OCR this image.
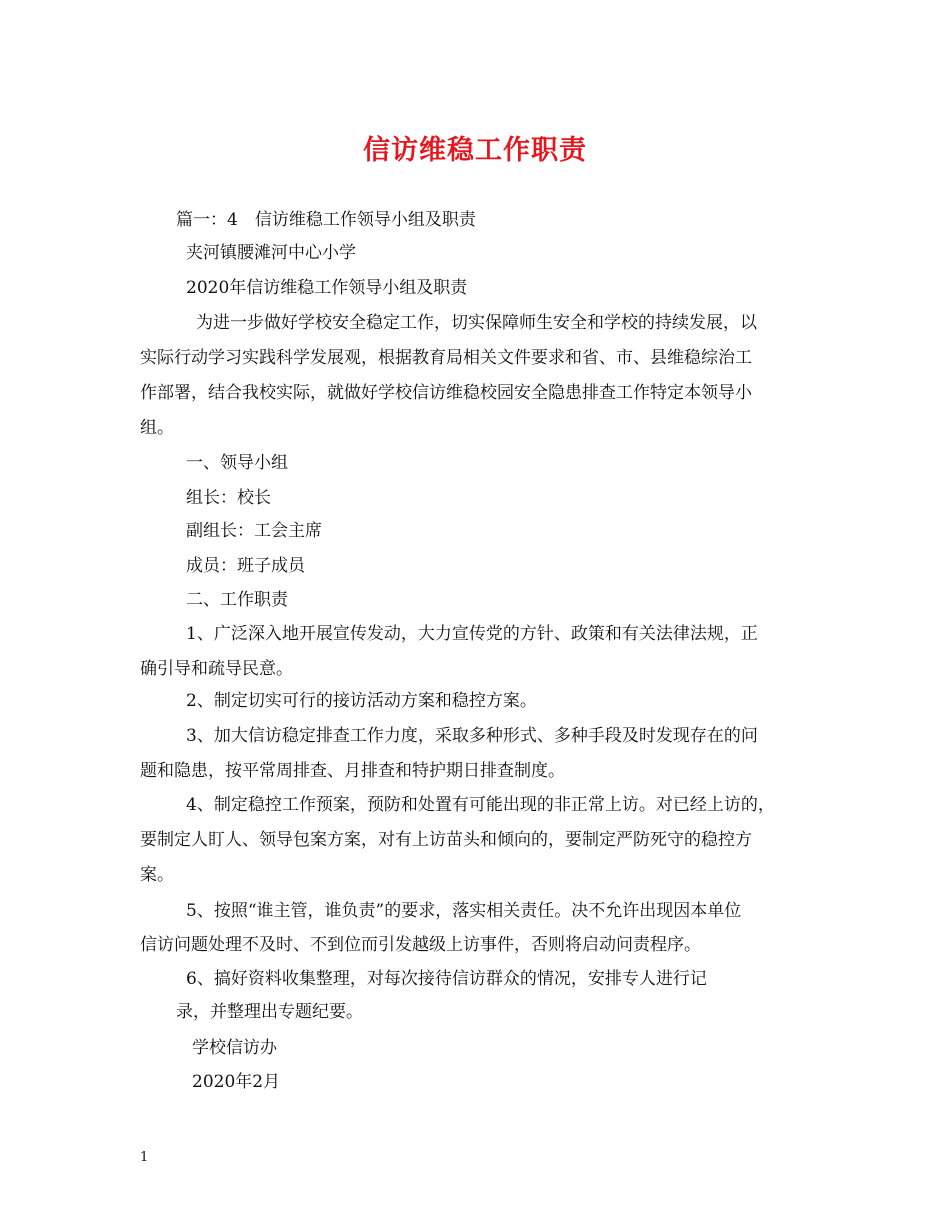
信访维稳工作职责
篇一：4　信访维稳工作领导小组及职责
夹河镇腰滩河中心小学
2020年信访维稳工作领导小组及职责
为进一步做好学校安全稳定工作，切实保障师生安全和学校的持续发展，以
实际行动学习实践科学发展观，根据教育局相关文件要求和省、市、县维稳综治工
作部署，结合我校实际，就做好学校信访维稳校园安全隐患排查工作特定本领导小
组。
一、领导小组
组长：校长
副组长：工会主席
成员：班子成员
二、工作职责
1、广泛深入地开展宣传发动，大力宣传党的方针、政策和有关法律法规，正
确引导和疏导民意。
2、制定切实可行的接访活动方案和稳控方案。
3、加大信访稳定排查工作力度，采取多种形式、多种手段及时发现存在的问
题和隐患，按平常周排查、月排查和特护期日排查制度。
4、制定稳控工作预案，预防和处置有可能出现的非正常上访。对已经上访的，
要制定人盯人、领导包案方案，对有上访苗头和倾向的，要制定严防死守的稳控方
案。
5、按照“谁主管，谁负责”的要求，落实相关责任。决不允许出现因本单位
信访问题处理不及时、不到位而引发越级上访事件，否则将启动问责程序。
6、搞好资料收集整理，对每次接待信访群众的情况，安排专人进行记
录，并整理出专题纪要。
学校信访办
2020年2月
1
